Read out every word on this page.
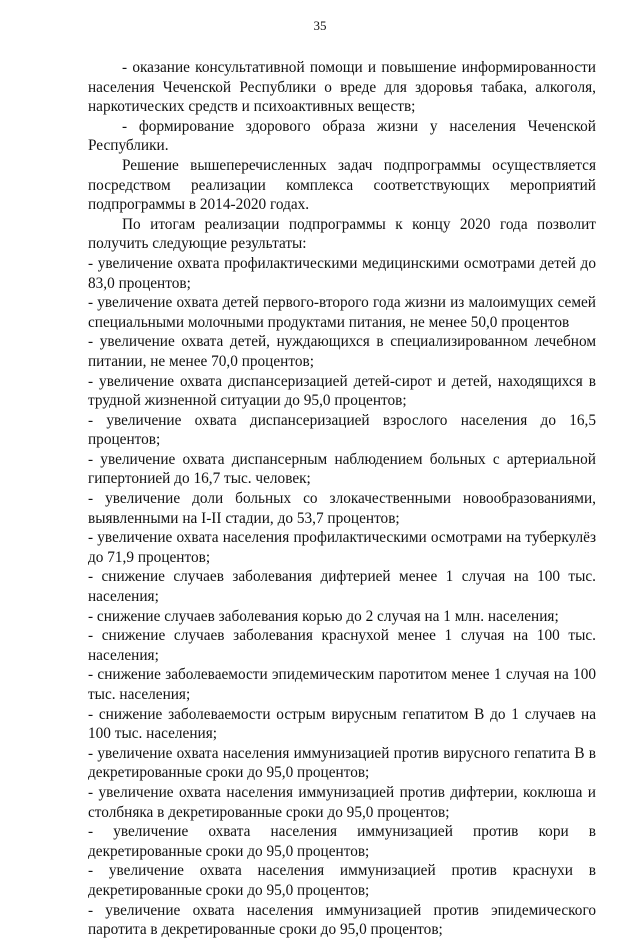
35

- оказание консультативной помощи и повышение информированности населения Чеченской Республики о вреде для здоровья табака, алкоголя, наркотических средств и психоактивных веществ;

- формирование здорового образа жизни у населения Чеченской Республики.

Решение вышеперечисленных задач подпрограммы осуществляется посредством реализации комплекса соответствующих мероприятий подпрограммы в 2014-2020 годах.

По итогам реализации подпрограммы к концу 2020 года позволит получить следующие результаты:

- увеличение охвата профилактическими медицинскими осмотрами детей до 83,0 процентов;

- увеличение охвата детей первого-второго года жизни из малоимущих семей специальными молочными продуктами питания, не менее 50,0 процентов

- увеличение охвата детей, нуждающихся в специализированном лечебном питании, не менее 70,0 процентов;

- увеличение охвата диспансеризацией детей-сирот и детей, находящихся в трудной жизненной ситуации до 95,0 процентов;

- увеличение охвата диспансеризацией взрослого населения до 16,5 процентов;

- увеличение охвата диспансерным наблюдением больных с артериальной гипертонией до 16,7 тыс. человек;

- увеличение доли больных со злокачественными новообразованиями, выявленными на I-II стадии, до 53,7 процентов;

- увеличение охвата населения профилактическими осмотрами на туберкулёз до 71,9 процентов;

- снижение случаев заболевания дифтерией менее 1 случая на 100 тыс. населения;

- снижение случаев заболевания корью до 2 случая на 1 млн. населения;

- снижение случаев заболевания краснухой менее 1 случая на 100 тыс. населения;

- снижение заболеваемости эпидемическим паротитом менее 1 случая на 100 тыс. населения;

- снижение заболеваемости острым вирусным гепатитом В до 1 случаев на 100 тыс. населения;

- увеличение охвата населения иммунизацией против вирусного гепатита В в декретированные сроки до 95,0 процентов;

- увеличение охвата населения иммунизацией против дифтерии, коклюша и столбняка в декретированные сроки до 95,0 процентов;

- увеличение охвата населения иммунизацией против кори в декретированные сроки до 95,0 процентов;

- увеличение охвата населения иммунизацией против краснухи в декретированные сроки до 95,0 процентов;

- увеличение охвата населения иммунизацией против эпидемического паротита в декретированные сроки до 95,0 процентов;
